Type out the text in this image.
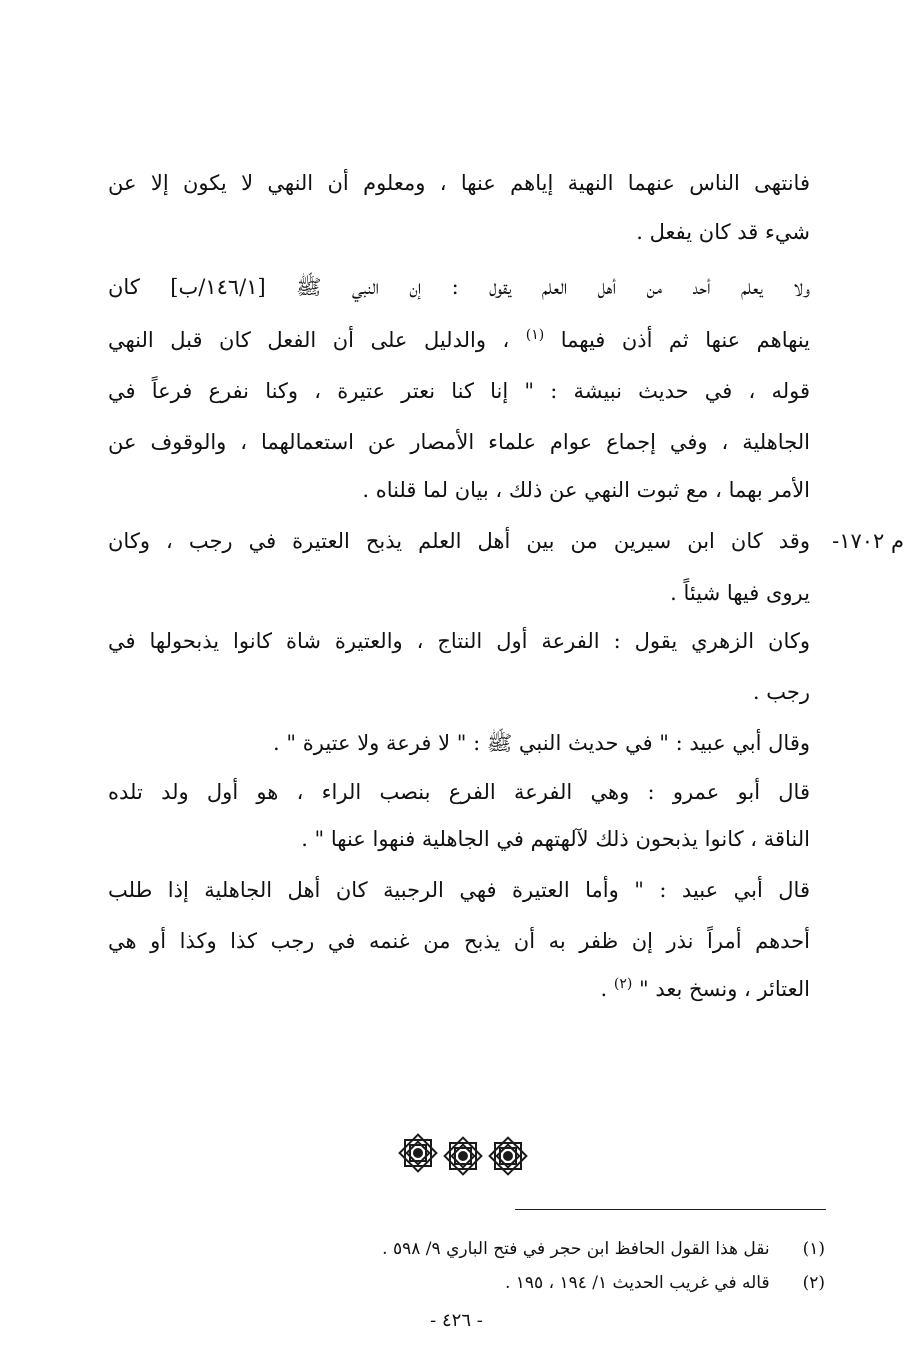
فانتهى الناس عنهما النهية إياهم عنها ، ومعلوم أن النهي لا يكون إلا عن
شيء قد كان يفعل .
ولا يعلم أحد من أهل العلم يقول : إن النبي ﷺ [١٤٦/١/ب] كان
ينهاهم عنها ثم أذن فيهما $^{(١)}$ ، والدليل على أن الفعل كان قبل النهي
قوله ، في حديث نبيشة : " إنا كنا نعتر عتيرة ، وكنا نفرع فرعاً في
الجاهلية ، وفي إجماع عوام علماء الأمصار عن استعمالهما ، والوقوف عن
الأمر بهما ، مع ثبوت النهي عن ذلك ، بيان لما قلناه .
وقد كان ابن سيرين من بين أهل العلم يذبح العتيرة في رجب ، وكان
يروى فيها شيئاً .
وكان الزهري يقول : الفرعة أول النتاج ، والعتيرة شاة كانوا يذبحولها في
رجب .
وقال أبي عبيد : " في حديث النبي ﷺ : " لا فرعة ولا عتيرة " .
قال أبو عمرو : وهي الفرعة الفرع بنصب الراء ، هو أول ولد تلده
الناقة ، كانوا يذبحون ذلك لآلهتهم في الجاهلية فنهوا عنها " .
قال أبي عبيد : " وأما العتيرة فهي الرجبية كان أهل الجاهلية إذا طلب
أحدهم أمراً نذر إن ظفر به أن يذبح من غنمه في رجب كذا وكذا أو هي
العتائر ، ونسخ بعد " $^{(٢)}$ .
م ١٧٠٢-
(١) نقل هذا القول الحافظ ابن حجر في فتح الباري ٩/ ٥٩٨ .
(٢) قاله في غريب الحديث ١/ ١٩٤ ، ١٩٥ .
- ٤٢٦ -
